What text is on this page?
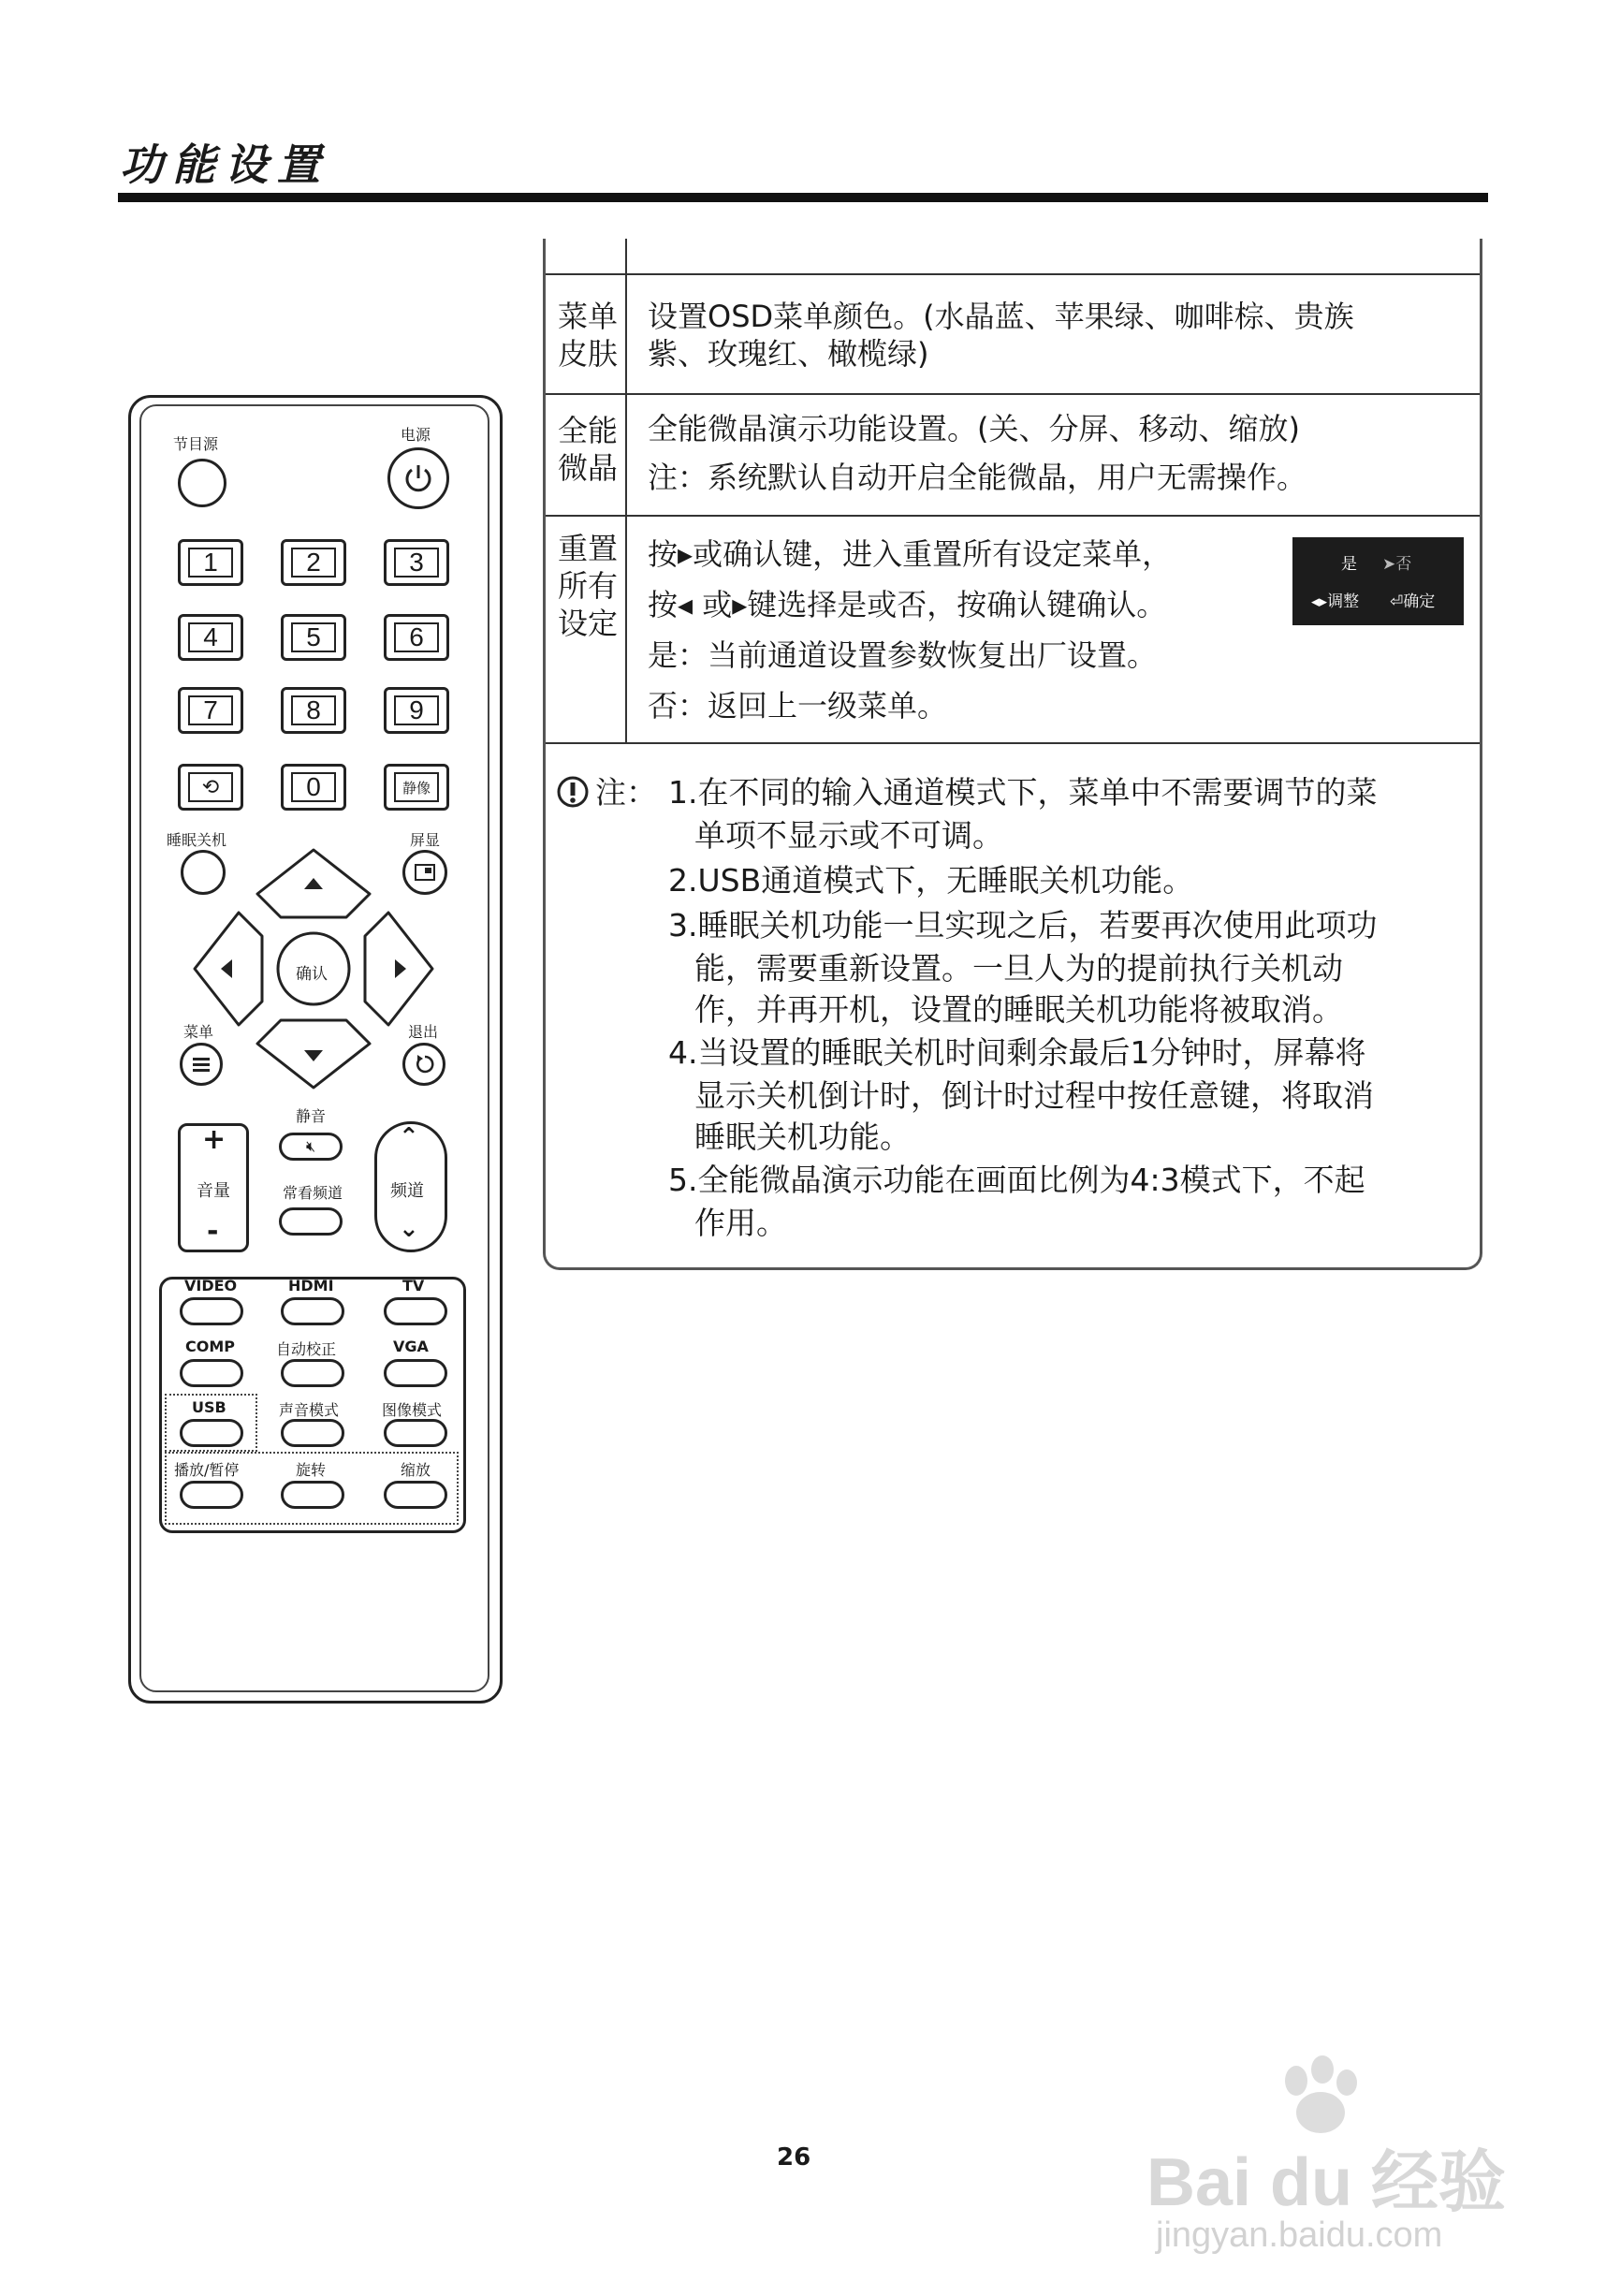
功能设置
节目源
电源
1	2	3
4	5	6
7	8	9
⟲	0	静像
睡眠关机	屏显
确认
菜单	退出
静音
🔇︎
+
音量
-
常看频道
⌃
频道
⌄
VIDEO	HDMI	TV
COMP	自动校正	VGA
USB	声音模式	图像模式
播放/暂停	旋转	缩放
菜单
皮肤
设置OSD菜单颜色。(水晶蓝、苹果绿、咖啡棕、贵族
紫、玫瑰红、橄榄绿)
全能
微晶
全能微晶演示功能设置。(关、分屏、移动、缩放)
注：系统默认自动开启全能微晶，用户无需操作。
重置
所有
设定
按▸或确认键，进入重置所有设定菜单，
按◂ 或▸键选择是或否，按确认键确认。
是：当前通道设置参数恢复出厂设置。
否：返回上一级菜单。
是 ➤否
◂▸调整 ⏎确定
注： 1.在不同的输入通道模式下，菜单中不需要调节的菜
单项不显示或不可调。
2.USB通道模式下，无睡眠关机功能。
3.睡眠关机功能一旦实现之后，若要再次使用此项功
能，需要重新设置。一旦人为的提前执行关机动
作，并再开机，设置的睡眠关机功能将被取消。
4.当设置的睡眠关机时间剩余最后1分钟时，屏幕将
显示关机倒计时，倒计时过程中按任意键，将取消
睡眠关机功能。
5.全能微晶演示功能在画面比例为4:3模式下，不起
作用。
26	Bai du 经验
jingyan.baidu.com
